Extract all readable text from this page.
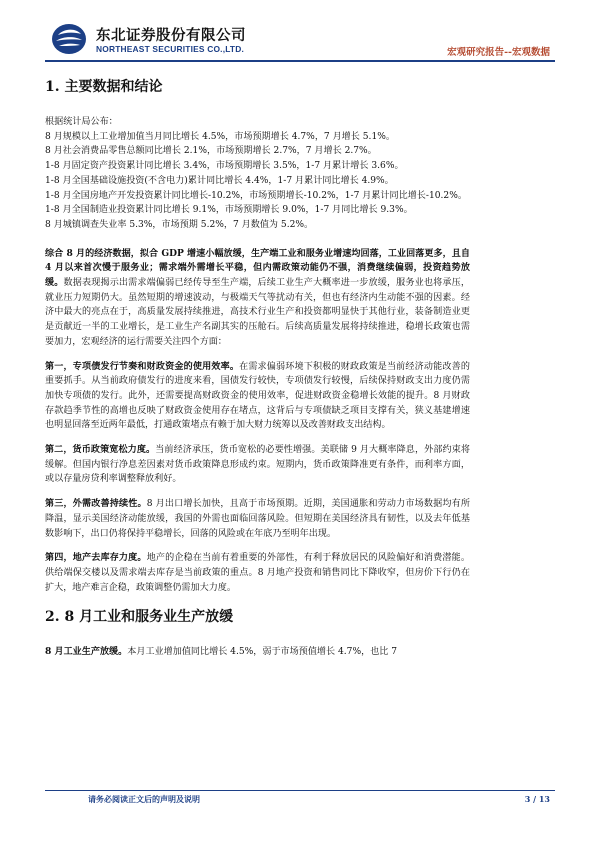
东北证券股份有限公司
NORTHEAST SECURITIES CO.,LTD.	宏观研究报告--宏观数据
1. 主要数据和结论

根据统计局公布：

8 月规模以上工业增加值当月同比增长 4.5%，市场预期增长 4.7%，7 月增长 5.1%。

8 月社会消费品零售总额同比增长 2.1%，市场预期增长 2.7%，7 月增长 2.7%。

1-8 月固定资产投资累计同比增长 3.4%，市场预期增长 3.5%，1-7 月累计增长 3.6%。

1-8 月全国基础设施投资(不含电力)累计同比增长 4.4%，1-7 月累计同比增长 4.9%。

1-8 月全国房地产开发投资累计同比增长-10.2%，市场预期增长-10.2%，1-7 月累计同比增长-10.2%。

1-8 月全国制造业投资累计同比增长 9.1%，市场预期增长 9.0%，1-7 月同比增长 9.3%。

8 月城镇调查失业率 5.3%，市场预期 5.2%，7 月数值为 5.2%。

综合 8 月的经济数据，拟合 GDP 增速小幅放缓，生产端工业和服务业增速均回落，工业回落更多，且自 4 月以来首次慢于服务业；需求端外需增长平稳，但内需政策动能仍不强，消费继续偏弱，投资趋势放缓。数据表现揭示出需求端偏弱已经传导至生产端，后续工业生产大概率进一步放缓，服务业也将承压，就业压力短期仍大。虽然短期的增速波动，与极端天气等扰动有关，但也有经济内生动能不强的因素。经济中最大的亮点在于，高质量发展持续推进，高技术行业生产和投资都明显快于其他行业，装备制造业更是贡献近一半的工业增长，是工业生产名副其实的压舱石。后续高质量发展将持续推进，稳增长政策也需要加力，宏观经济的运行需要关注四个方面：

第一，专项债发行节奏和财政资金的使用效率。在需求偏弱环境下积极的财政政策是当前经济动能改善的重要抓手。从当前政府债发行的进度来看，国债发行较快，专项债发行较慢，后续保持财政支出力度仍需加快专项债的发行。此外，还需要提高财政资金的使用效率，促进财政资金稳增长效能的提升。8 月财政存款趋季节性的高增也反映了财政资金使用存在堵点，这背后与专项债缺乏项目支撑有关，狭义基建增速也明显回落至近两年最低，打通政策堵点有赖于加大财力统筹以及改善财政支出结构。

第二，货币政策宽松力度。当前经济承压，货币宽松的必要性增强。美联储 9 月大概率降息，外部约束将缓解。但国内银行净息差因素对货币政策降息形成约束。短期内，货币政策降准更有条件，而利率方面，或以存量房贷利率调整释放利好。

第三，外需改善持续性。8 月出口增长加快，且高于市场预期。近期，美国通胀和劳动力市场数据均有所降温，显示美国经济动能放缓，我国的外需也面临回落风险。但短期在美国经济具有韧性，以及去年低基数影响下，出口仍将保持平稳增长，回落的风险或在年底乃至明年出现。

第四，地产去库存力度。地产的企稳在当前有着重要的外部性，有利于释放居民的风险偏好和消费潜能。供给端保交楼以及需求端去库存是当前政策的重点。8 月地产投资和销售同比下降收窄，但房价下行仍在扩大，地产难言企稳，政策调整仍需加大力度。

2. 8 月工业和服务业生产放缓

8 月工业生产放缓。本月工业增加值同比增长 4.5%，弱于市场预值增长 4.7%，也比 7

请务必阅读正文后的声明及说明	3 / 13
